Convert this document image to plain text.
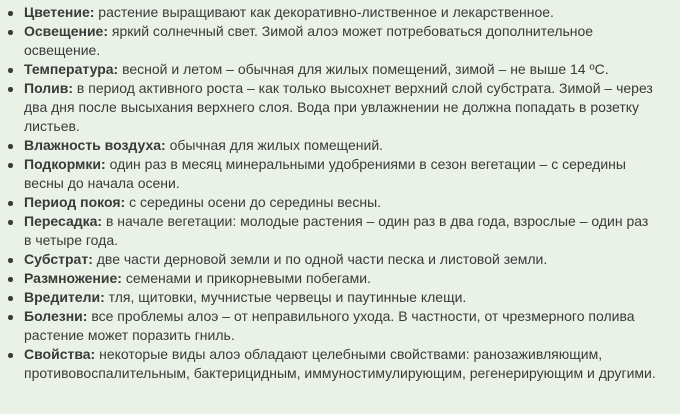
Цветение: растение выращивают как декоративно-лиственное и лекарственное.
Освещение: яркий солнечный свет. Зимой алоэ может потребоваться дополнительное освещение.
Температура: весной и летом – обычная для жилых помещений, зимой – не выше 14 ºC.
Полив: в период активного роста – как только высохнет верхний слой субстрата. Зимой – через два дня после высыхания верхнего слоя. Вода при увлажнении не должна попадать в розетку листьев.
Влажность воздуха: обычная для жилых помещений.
Подкормки: один раз в месяц минеральными удобрениями в сезон вегетации – с середины весны до начала осени.
Период покоя: с середины осени до середины весны.
Пересадка: в начале вегетации: молодые растения – один раз в два года, взрослые – один раз в четыре года.
Субстрат: две части дерновой земли и по одной части песка и листовой земли.
Размножение: семенами и прикорневыми побегами.
Вредители: тля, щитовки, мучнистые червецы и паутинные клещи.
Болезни: все проблемы алоэ – от неправильного ухода. В частности, от чрезмерного полива растение может поразить гниль.
Свойства: некоторые виды алоэ обладают целебными свойствами: ранозаживляющим, противовоспалительным, бактерицидным, иммуностимулирующим, регенерирующим и другими.
